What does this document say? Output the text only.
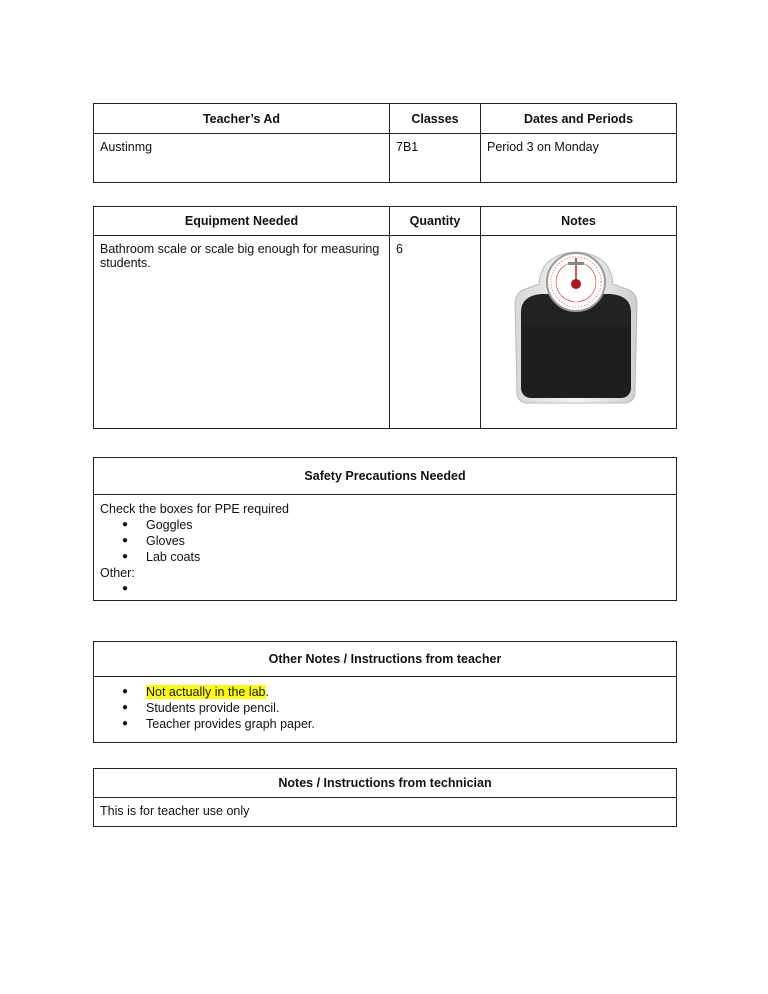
Teacher’s Ad	Classes	Dates and Periods
Austinmg	7B1	Period 3 on Monday
Equipment Needed	Quantity	Notes
Bathroom scale or scale big enough for measuring students.	6	
Safety Precautions Needed

Check the boxes for PPE required
● Goggles
● Gloves
● Lab coats
Other:
●
Other Notes / Instructions from teacher

● Not actually in the lab.
● Students provide pencil.
● Teacher provides graph paper.
Notes / Instructions from technician
This is for teacher use only
